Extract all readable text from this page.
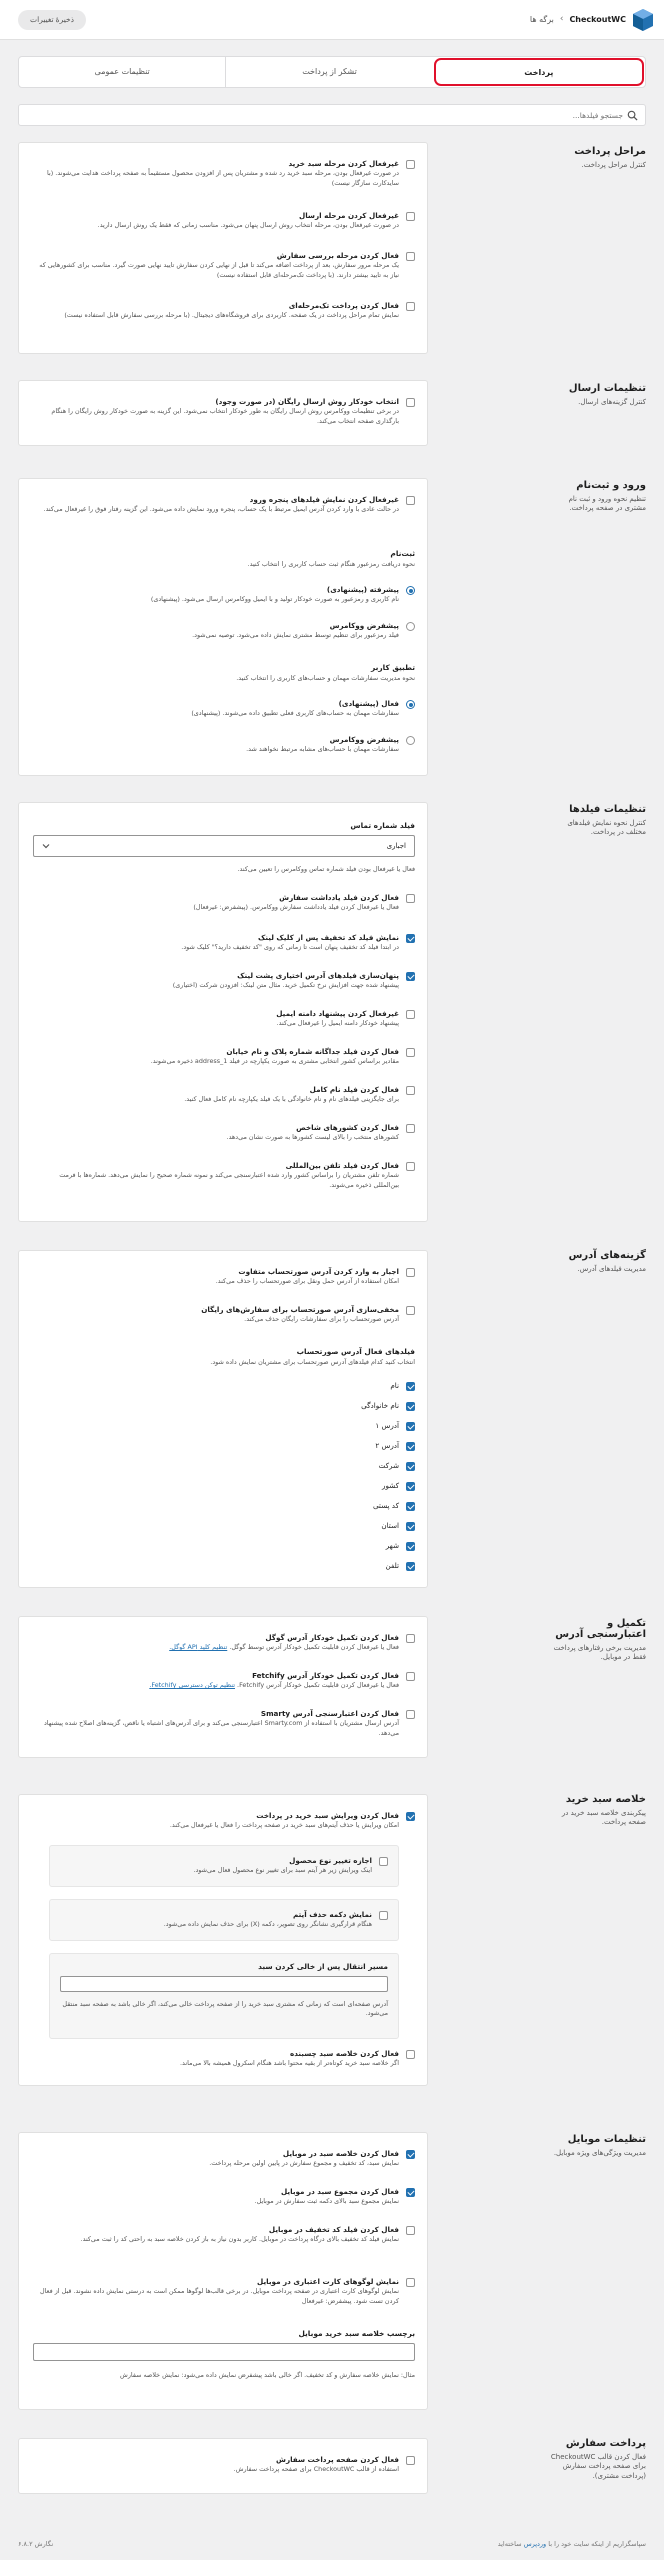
CheckoutWC
›
برگه ها
ذخیرهٔ تغییرات
پرداخت
تشکر از پرداخت
تنظیمات عمومی
جستجو فیلدها...
مراحل پرداخت

کنترل مراحل پرداخت.

غیرفعال کردن مرحله سبد خرید
در صورت غیرفعال بودن، مرحله سبد خرید رد شده و مشتریان پس از افزودن محصول مستقیماً به صفحه پرداخت هدایت می‌شوند. (با سایدکارت سازگار نیست)
غیرفعال کردن مرحله ارسال
در صورت غیرفعال بودن، مرحله انتخاب روش ارسال پنهان می‌شود. مناسب زمانی که فقط یک روش ارسال دارید.
فعال کردن مرحله بررسی سفارش
یک مرحله مرور سفارش، بعد از پرداخت اضافه می‌کند تا قبل از نهایی کردن سفارش تایید نهایی صورت گیرد. مناسب برای کشورهایی که نیاز به تایید بیشتر دارند. (با پرداخت تک‌مرحله‌ای قابل استفاده نیست)
فعال کردن پرداخت تک‌مرحله‌ای
نمایش تمام مراحل پرداخت در یک صفحه. کاربردی برای فروشگاه‌های دیجیتال. (با مرحله بررسی سفارش قابل استفاده نیست)
تنظیمات ارسال

کنترل گزینه‌های ارسال.

انتخاب خودکار روش ارسال رایگان (در صورت وجود)
در برخی تنظیمات ووکامرس روش ارسال رایگان به طور خودکار انتخاب نمی‌شود. این گزینه به صورت خودکار روش رایگان را هنگام بارگذاری صفحه انتخاب می‌کند.
ورود و ثبت‌نام

تنظیم نحوه ورود و ثبت نام مشتری در صفحه پرداخت.

غیرفعال کردن نمایش فیلدهای پنجره ورود
در حالت عادی با وارد کردن آدرس ایمیل مرتبط با یک حساب، پنجره ورود نمایش داده می‌شود. این گزینه رفتار فوق را غیرفعال می‌کند.
ثبت‌نام
نحوه دریافت رمزعبور هنگام ثبت حساب کاربری را انتخاب کنید.
پیشرفته (پیشنهادی)
نام کاربری و رمزعبور به صورت خودکار تولید و با ایمیل ووکامرس ارسال می‌شود. (پیشنهادی)
پیشفرض ووکامرس
فیلد رمزعبور برای تنظیم توسط مشتری نمایش داده می‌شود. توصیه نمی‌شود.
تطبیق کاربر
نحوه مدیریت سفارشات مهمان و حساب‌های کاربری را انتخاب کنید.
فعال (پیشنهادی)
سفارشات مهمان به حساب‌های کاربری فعلی تطبیق داده می‌شوند. (پیشنهادی)
پیشفرض ووکامرس
سفارشات مهمان با حساب‌های مشابه مرتبط نخواهند شد.
تنظیمات فیلدها

کنترل نحوه نمایش فیلدهای مختلف در پرداخت.

فیلد شماره تماس
اجباری
فعال یا غیرفعال بودن فیلد شماره تماس ووکامرس را تعیین می‌کند.
فعال کردن فیلد یادداشت سفارش
فعال یا غیرفعال کردن فیلد یادداشت سفارش ووکامرس. (پیشفرض: غیرفعال)
نمایش فیلد کد تخفیف پس از کلیک لینک
در ابتدا فیلد کد تخفیف پنهان است تا زمانی که روی "کد تخفیف دارید؟" کلیک شود.
پنهان‌سازی فیلدهای آدرس اختیاری پشت لینک
پیشنهاد شده جهت افزایش نرخ تکمیل خرید. مثال متن لینک: افزودن شرکت (اختیاری)
غیرفعال کردن پیشنهاد دامنه ایمیل
پیشنهاد خودکار دامنه ایمیل را غیرفعال می‌کند.
فعال کردن فیلد جداگانه شماره پلاک و نام خیابان
مقادیر براساس کشور انتخابی مشتری به صورت یکپارچه در فیلد address_1 ذخیره می‌شوند.
فعال کردن فیلد نام کامل
برای جایگزینی فیلدهای نام و نام خانوادگی با یک فیلد یکپارچه نام کامل فعال کنید.
فعال کردن کشورهای شاخص
کشورهای منتخب را بالای لیست کشورها به صورت نشان می‌دهد.
فعال کردن فیلد تلفن بین‌المللی
شماره تلفن مشتریان را براساس کشور وارد شده اعتبارسنجی می‌کند و نمونه شماره صحیح را نمایش می‌دهد. شماره‌ها با فرمت بین‌المللی ذخیره می‌شوند.
گزینه‌های آدرس

مدیریت فیلدهای آدرس.

اجبار به وارد کردن آدرس صورتحساب متفاوت
امکان استفاده از آدرس حمل ونقل برای صورتحساب را حذف می‌کند.
مخفی‌سازی آدرس صورتحساب برای سفارش‌های رایگان
آدرس صورتحساب را برای سفارشات رایگان حذف می‌کند.
فیلدهای فعال آدرس صورتحساب
انتخاب کنید کدام فیلدهای آدرس صورتحساب برای مشتریان نمایش داده شود.
نام
نام خانوادگی
آدرس ۱
آدرس ۲
شرکت
کشور
کد پستی
استان
شهر
تلفن
تکمیل و اعتبارسنجی آدرس

مدیریت برخی رفتارهای پرداخت فقط در موبایل.

فعال کردن تکمیل خودکار آدرس گوگل
فعال یا غیرفعال کردن قابلیت تکمیل خودکار آدرس توسط گوگل. تنظیم کلید API گوگل.
فعال کردن تکمیل خودکار آدرس Fetchify
فعال یا غیرفعال کردن قابلیت تکمیل خودکار آدرس Fetchify. تنظیم توکن دسترسی Fetchify.
فعال کردن اعتبارسنجی آدرس Smarty
آدرس ارسال مشتریان با استفاده از Smarty.com اعتبارسنجی می‌کند و برای آدرس‌های اشتباه یا ناقص، گزینه‌های اصلاح شده پیشنهاد می‌دهد.
خلاصه سبد خرید

پیکربندی خلاصه سبد خرید در صفحه پرداخت.

فعال کردن ویرایش سبد خرید در پرداخت
امکان ویرایش یا حذف آیتم‌های سبد خرید در صفحه پرداخت را فعال یا غیرفعال می‌کند.
اجازه تغییر نوع محصول
اینک ویرایش زیر هر آیتم سبد برای تغییر نوع محصول فعال می‌شود.
نمایش دکمه حذف آیتم
هنگام قرارگیری نشانگر روی تصویر، دکمه (X) برای حذف نمایش داده می‌شود.
مسیر انتقال پس از خالی کردن سبد
آدرس صفحه‌ای است که زمانی که مشتری سبد خرید را از صفحه پرداخت خالی می‌کند، اگر خالی باشد به صفحه سبد منتقل می‌شود.
فعال کردن خلاصه سبد چسبنده
اگر خلاصه سبد خرید کوتاه‌تر از بقیه محتوا باشد هنگام اسکرول همیشه بالا می‌ماند.
تنظیمات موبایل

مدیریت ویژگی‌های ویژه موبایل.

فعال کردن خلاصه سبد در موبایل
نمایش سبد، کد تخفیف و مجموع سفارش در پایین اولین مرحله پرداخت.
فعال کردن مجموع سبد در موبایل
نمایش مجموع سبد بالای دکمه ثبت سفارش در موبایل.
فعال کردن فیلد کد تخفیف در موبایل
نمایش فیلد کد تخفیف بالای درگاه پرداخت در موبایل. کاربر بدون نیاز به باز کردن خلاصه سبد به راحتی کد را ثبت می‌کند.
نمایش لوگوهای کارت اعتباری در موبایل
نمایش لوگوهای کارت اعتباری در صفحه پرداخت موبایل. در برخی قالب‌ها لوگوها ممکن است به درستی نمایش داده نشوند. قبل از فعال کردن تست شود. پیشفرض: غیرفعال
برچسب خلاصه سبد خرید موبایل
مثال: نمایش خلاصه سفارش و کد تخفیف. اگر خالی باشد پیشفرض نمایش داده می‌شود: نمایش خلاصه سفارش
پرداخت سفارش

فعال کردن قالب CheckoutWC برای صفحه پرداخت سفارش (پرداخت مشتری).

فعال کردن صفحه پرداخت سفارش
استفاده از قالب CheckoutWC برای صفحه پرداخت سفارش.
سپاسگزاریم از اینکه سایت خود را با وردپرس ساخته‌اید
نگارش ۶.۸.۲
